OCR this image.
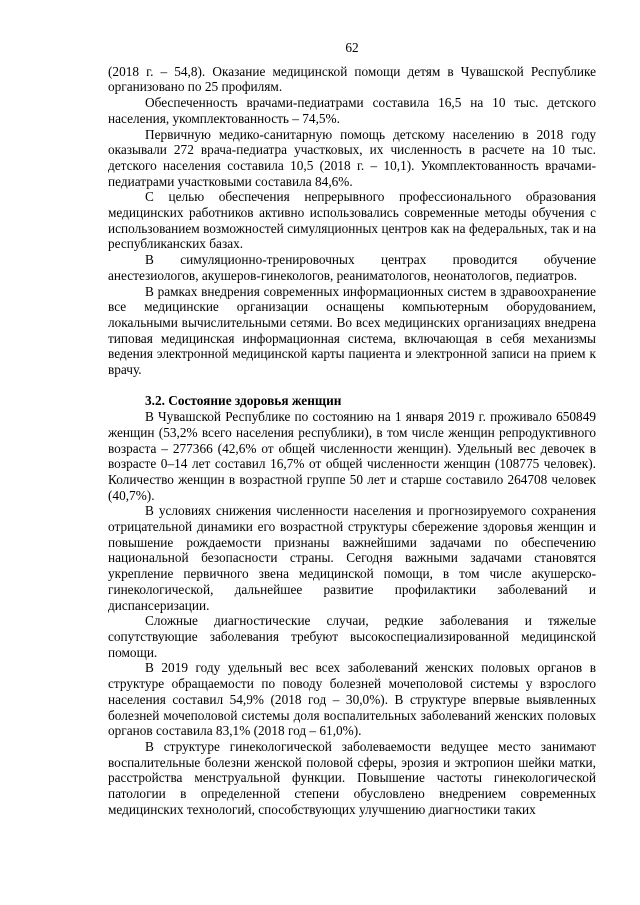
62

(2018 г. – 54,8). Оказание медицинской помощи детям в Чувашской Республике организовано по 25 профилям.

Обеспеченность врачами-педиатрами составила 16,5 на 10 тыс. детского населения, укомплектованность – 74,5%.

Первичную медико-санитарную помощь детскому населению в 2018 году оказывали 272 врача-педиатра участковых, их численность в расчете на 10 тыс. детского населения составила 10,5 (2018 г. – 10,1). Укомплектованность врачами-педиатрами участковыми составила 84,6%.

С целью обеспечения непрерывного профессионального образования медицинских работников активно использовались современные методы обучения с использованием возможностей симуляционных центров как на федеральных, так и на республиканских базах.

В симуляционно-тренировочных центрах проводится обучение анестезиологов, акушеров-гинекологов, реаниматологов, неонатологов, педиатров.

В рамках внедрения современных информационных систем в здравоохранение все медицинские организации оснащены компьютерным оборудованием, локальными вычислительными сетями. Во всех медицинских организациях внедрена типовая медицинская информационная система, включающая в себя механизмы ведения электронной медицинской карты пациента и электронной записи на прием к врачу.

3.2. Состояние здоровья женщин

В Чувашской Республике по состоянию на 1 января 2019 г. проживало 650849 женщин (53,2% всего населения республики), в том числе женщин репродуктивного возраста – 277366 (42,6% от общей численности женщин). Удельный вес девочек в возрасте 0–14 лет составил 16,7% от общей численности женщин (108775 человек). Количество женщин в возрастной группе 50 лет и старше составило 264708 человек (40,7%).

В условиях снижения численности населения и прогнозируемого сохранения отрицательной динамики его возрастной структуры сбережение здоровья женщин и повышение рождаемости признаны важнейшими задачами по обеспечению национальной безопасности страны. Сегодня важными задачами становятся укрепление первичного звена медицинской помощи, в том числе акушерско-гинекологической, дальнейшее развитие профилактики заболеваний и диспансеризации.

Сложные диагностические случаи, редкие заболевания и тяжелые сопутствующие заболевания требуют высокоспециализированной медицинской помощи.

В 2019 году удельный вес всех заболеваний женских половых органов в структуре обращаемости по поводу болезней мочеполовой системы у взрослого населения составил 54,9% (2018 год – 30,0%). В структуре впервые выявленных болезней мочеполовой системы доля воспалительных заболеваний женских половых органов составила 83,1% (2018 год – 61,0%).

В структуре гинекологической заболеваемости ведущее место занимают воспалительные болезни женской половой сферы, эрозия и эктропион шейки матки, расстройства менструальной функции. Повышение частоты гинекологической патологии в определенной степени обусловлено внедрением современных медицинских технологий, способствующих улучшению диагностики таких
